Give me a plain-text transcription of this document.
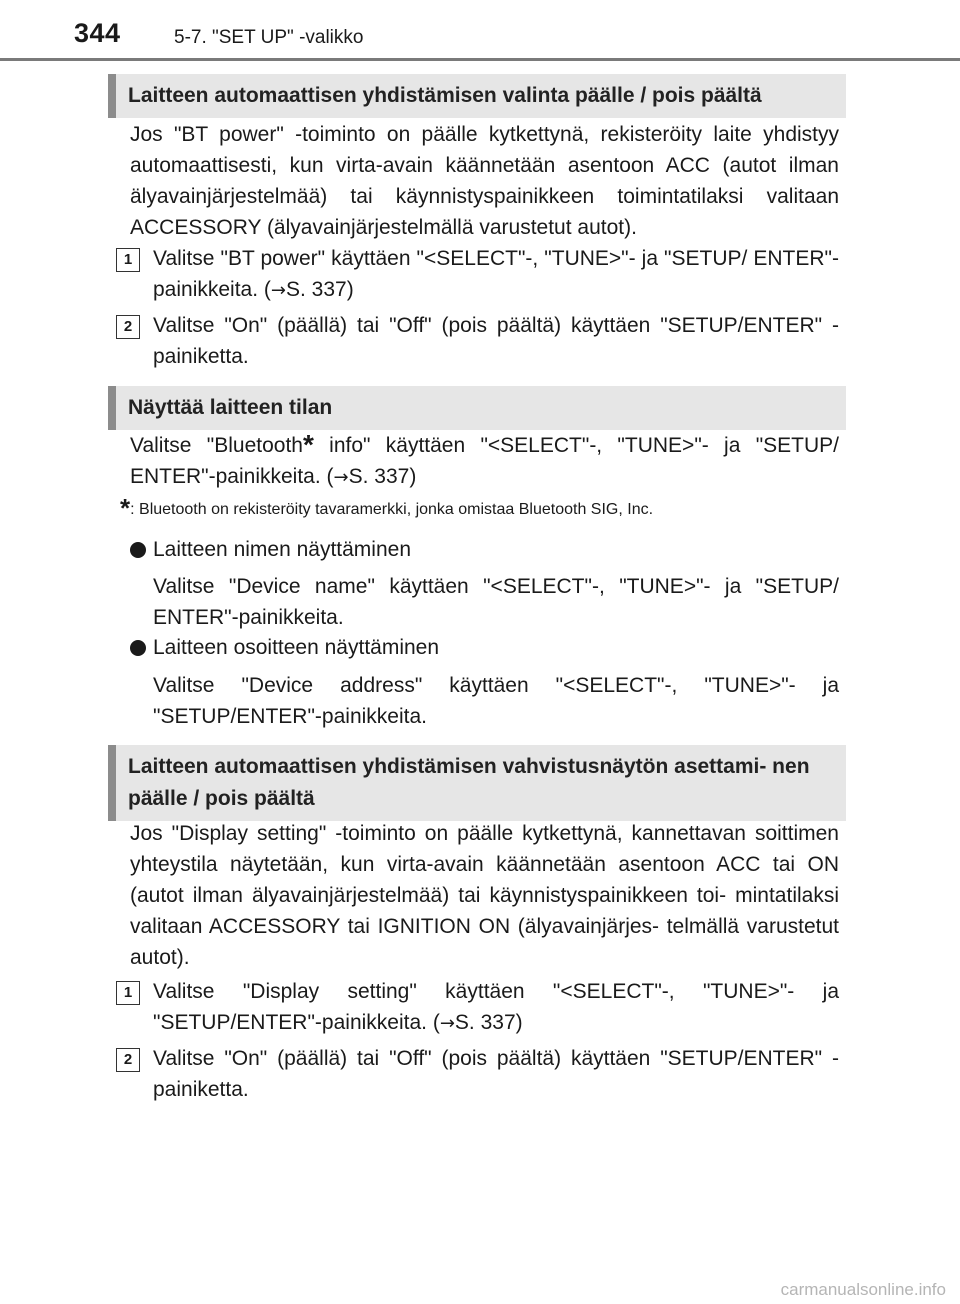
344	5-7. "SET UP" -valikko
Laitteen automaattisen yhdistämisen valinta päälle / pois päältä

Jos "BT power" -toiminto on päälle kytkettynä, rekisteröity laite yhdistyy automaattisesti, kun virta-avain käännetään asentoon ACC (autot ilman älyavainjärjestelmää) tai käynnistyspainikkeen toimintatilaksi valitaan ACCESSORY (älyavainjärjestelmällä varustetut autot).

1 Valitse "BT power" käyttäen "<SELECT"-, "TUNE>"- ja "SETUP/ ENTER"-painikkeita. (→S. 337)

2 Valitse "On" (päällä) tai "Off" (pois päältä) käyttäen "SETUP/ENTER" -painiketta.

Näyttää laitteen tilan

Valitse "Bluetooth* info" käyttäen "<SELECT"-, "TUNE>"- ja "SETUP/ ENTER"-painikkeita. (→S. 337)

*: Bluetooth on rekisteröity tavaramerkki, jonka omistaa Bluetooth SIG, Inc.
Laitteen nimen näyttäminen

Valitse "Device name" käyttäen "<SELECT"-, "TUNE>"- ja "SETUP/ ENTER"-painikkeita.

Laitteen osoitteen näyttäminen

Valitse "Device address" käyttäen "<SELECT"-, "TUNE>"- ja "SETUP/ENTER"-painikkeita.

Laitteen automaattisen yhdistämisen vahvistusnäytön asettami- nen päälle / pois päältä

Jos "Display setting" -toiminto on päälle kytkettynä, kannettavan soittimen yhteystila näytetään, kun virta-avain käännetään asentoon ACC tai ON (autot ilman älyavainjärjestelmää) tai käynnistyspainikkeen toi- mintatilaksi valitaan ACCESSORY tai IGNITION ON (älyavainjärjes- telmällä varustetut autot).

1 Valitse "Display setting" käyttäen "<SELECT"-, "TUNE>"- ja "SETUP/ENTER"-painikkeita. (→S. 337)

2 Valitse "On" (päällä) tai "Off" (pois päältä) käyttäen "SETUP/ENTER" -painiketta.

carmanualsonline.info
